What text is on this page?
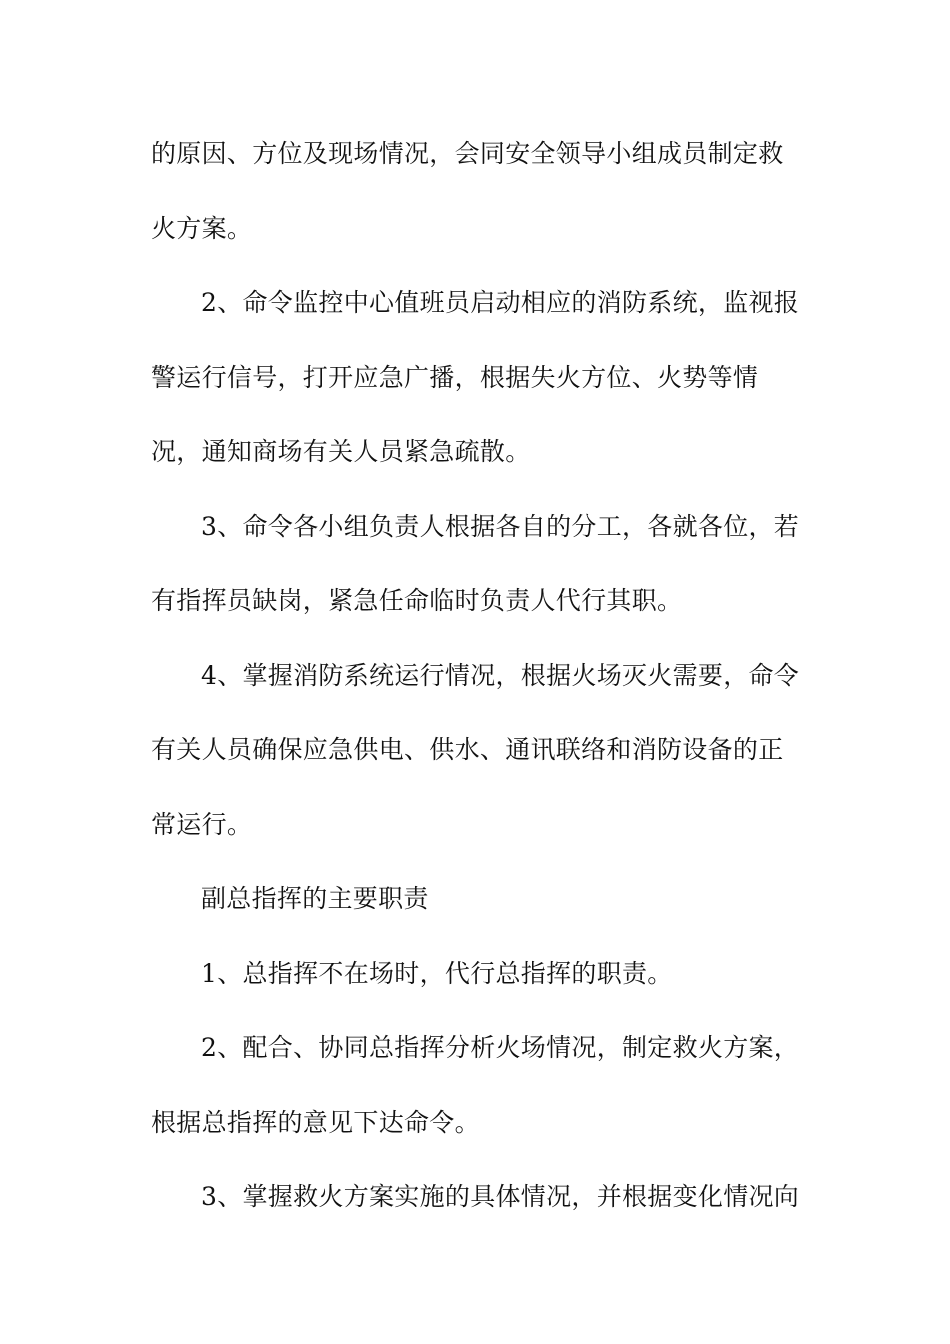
的原因、方位及现场情况，会同安全领导小组成员制定救
火方案。
2、命令监控中心值班员启动相应的消防系统，监视报
警运行信号，打开应急广播，根据失火方位、火势等情
况，通知商场有关人员紧急疏散。
3、命令各小组负责人根据各自的分工，各就各位，若
有指挥员缺岗，紧急任命临时负责人代行其职。
4、掌握消防系统运行情况，根据火场灭火需要，命令
有关人员确保应急供电、供水、通讯联络和消防设备的正
常运行。
副总指挥的主要职责
1、总指挥不在场时，代行总指挥的职责。
2、配合、协同总指挥分析火场情况，制定救火方案，
根据总指挥的意见下达命令。
3、掌握救火方案实施的具体情况，并根据变化情况向
